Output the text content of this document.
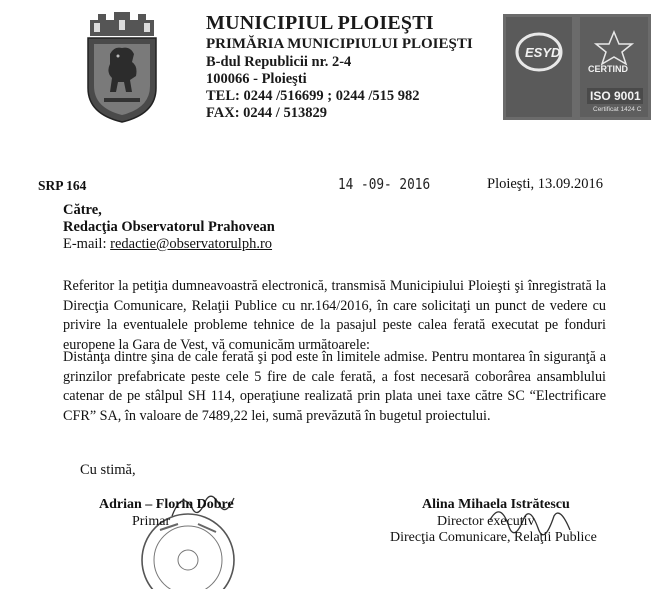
MUNICIPIUL PLOIEŞTI
PRIMĂRIA MUNICIPIULUI PLOIEŞTI
B-dul Republicii nr. 2-4
100066 - Ploieşti
TEL: 0244 /516699 ; 0244 /515 982
FAX: 0244 / 513829
ESYD
CERTIND
ISO 9001
Certificat 1424 C
SRP 164	14 -09- 2016	Ploieşti, 13.09.2016
Către,
Redacţia Observatorul Prahovean
E-mail: redactie@observatorulph.ro
Referitor la petiţia dumneavoastră electronică, transmisă Municipiului Ploieşti şi înregistrată la Direcţia Comunicare, Relaţii Publice cu nr.164/2016, în care solicitaţi un punct de vedere cu privire la eventualele probleme tehnice de la pasajul peste calea ferată executat pe fonduri europene la Gara de Vest, vă comunicăm următoarele:
Distanţa dintre şina de cale ferată şi pod este în limitele admise. Pentru montarea în siguranţă a grinzilor prefabricate peste cele 5 fire de cale ferată, a fost necesară coborârea ansamblului catenar de pe stâlpul SH 114, operaţiune realizată prin plata unei taxe către SC “Electrificare CFR” SA, în valoare de 7489,22 lei, sumă prevăzută în bugetul proiectului.
Cu stimă,
Adrian – Florin Dobre
Primar
Alina Mihaela Istrătescu
Director executiv
Direcţia Comunicare, Relaţii Publice
